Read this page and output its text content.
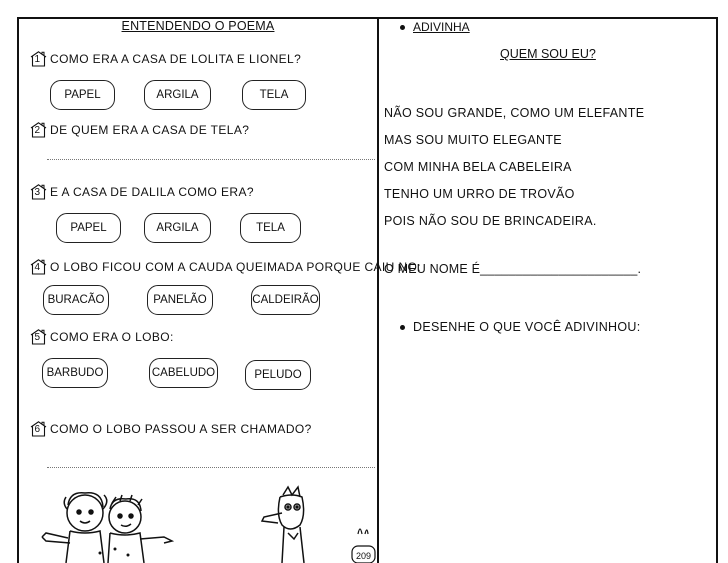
ENTENDENDO O POEMA
1 COMO ERA A CASA DE LOLITA E LIONEL?
PAPEL	ARGILA	TELA
2 DE QUEM ERA A CASA DE TELA?
3 E A CASA DE DALILA COMO ERA?
PAPEL	ARGILA	TELA
4 O LOBO FICOU COM A CAUDA QUEIMADA PORQUE CAIU NO:
BURACÃO	PANELÃO	CALDEIRÃO
5 COMO ERA O LOBO:
BARBUDO	CABELUDO	PELUDO
6 COMO O LOBO PASSOU A SER CHAMADO?
209
ADIVINHA
QUEM SOU EU?
NÃO SOU GRANDE, COMO UM ELEFANTE
MAS SOU MUITO ELEGANTE
COM MINHA BELA CABELEIRA
TENHO UM URRO DE TROVÃO
POIS NÃO SOU DE BRINCADEIRA.
O MEU NOME É______________________.
DESENHE O QUE VOCÊ ADIVINHOU:
